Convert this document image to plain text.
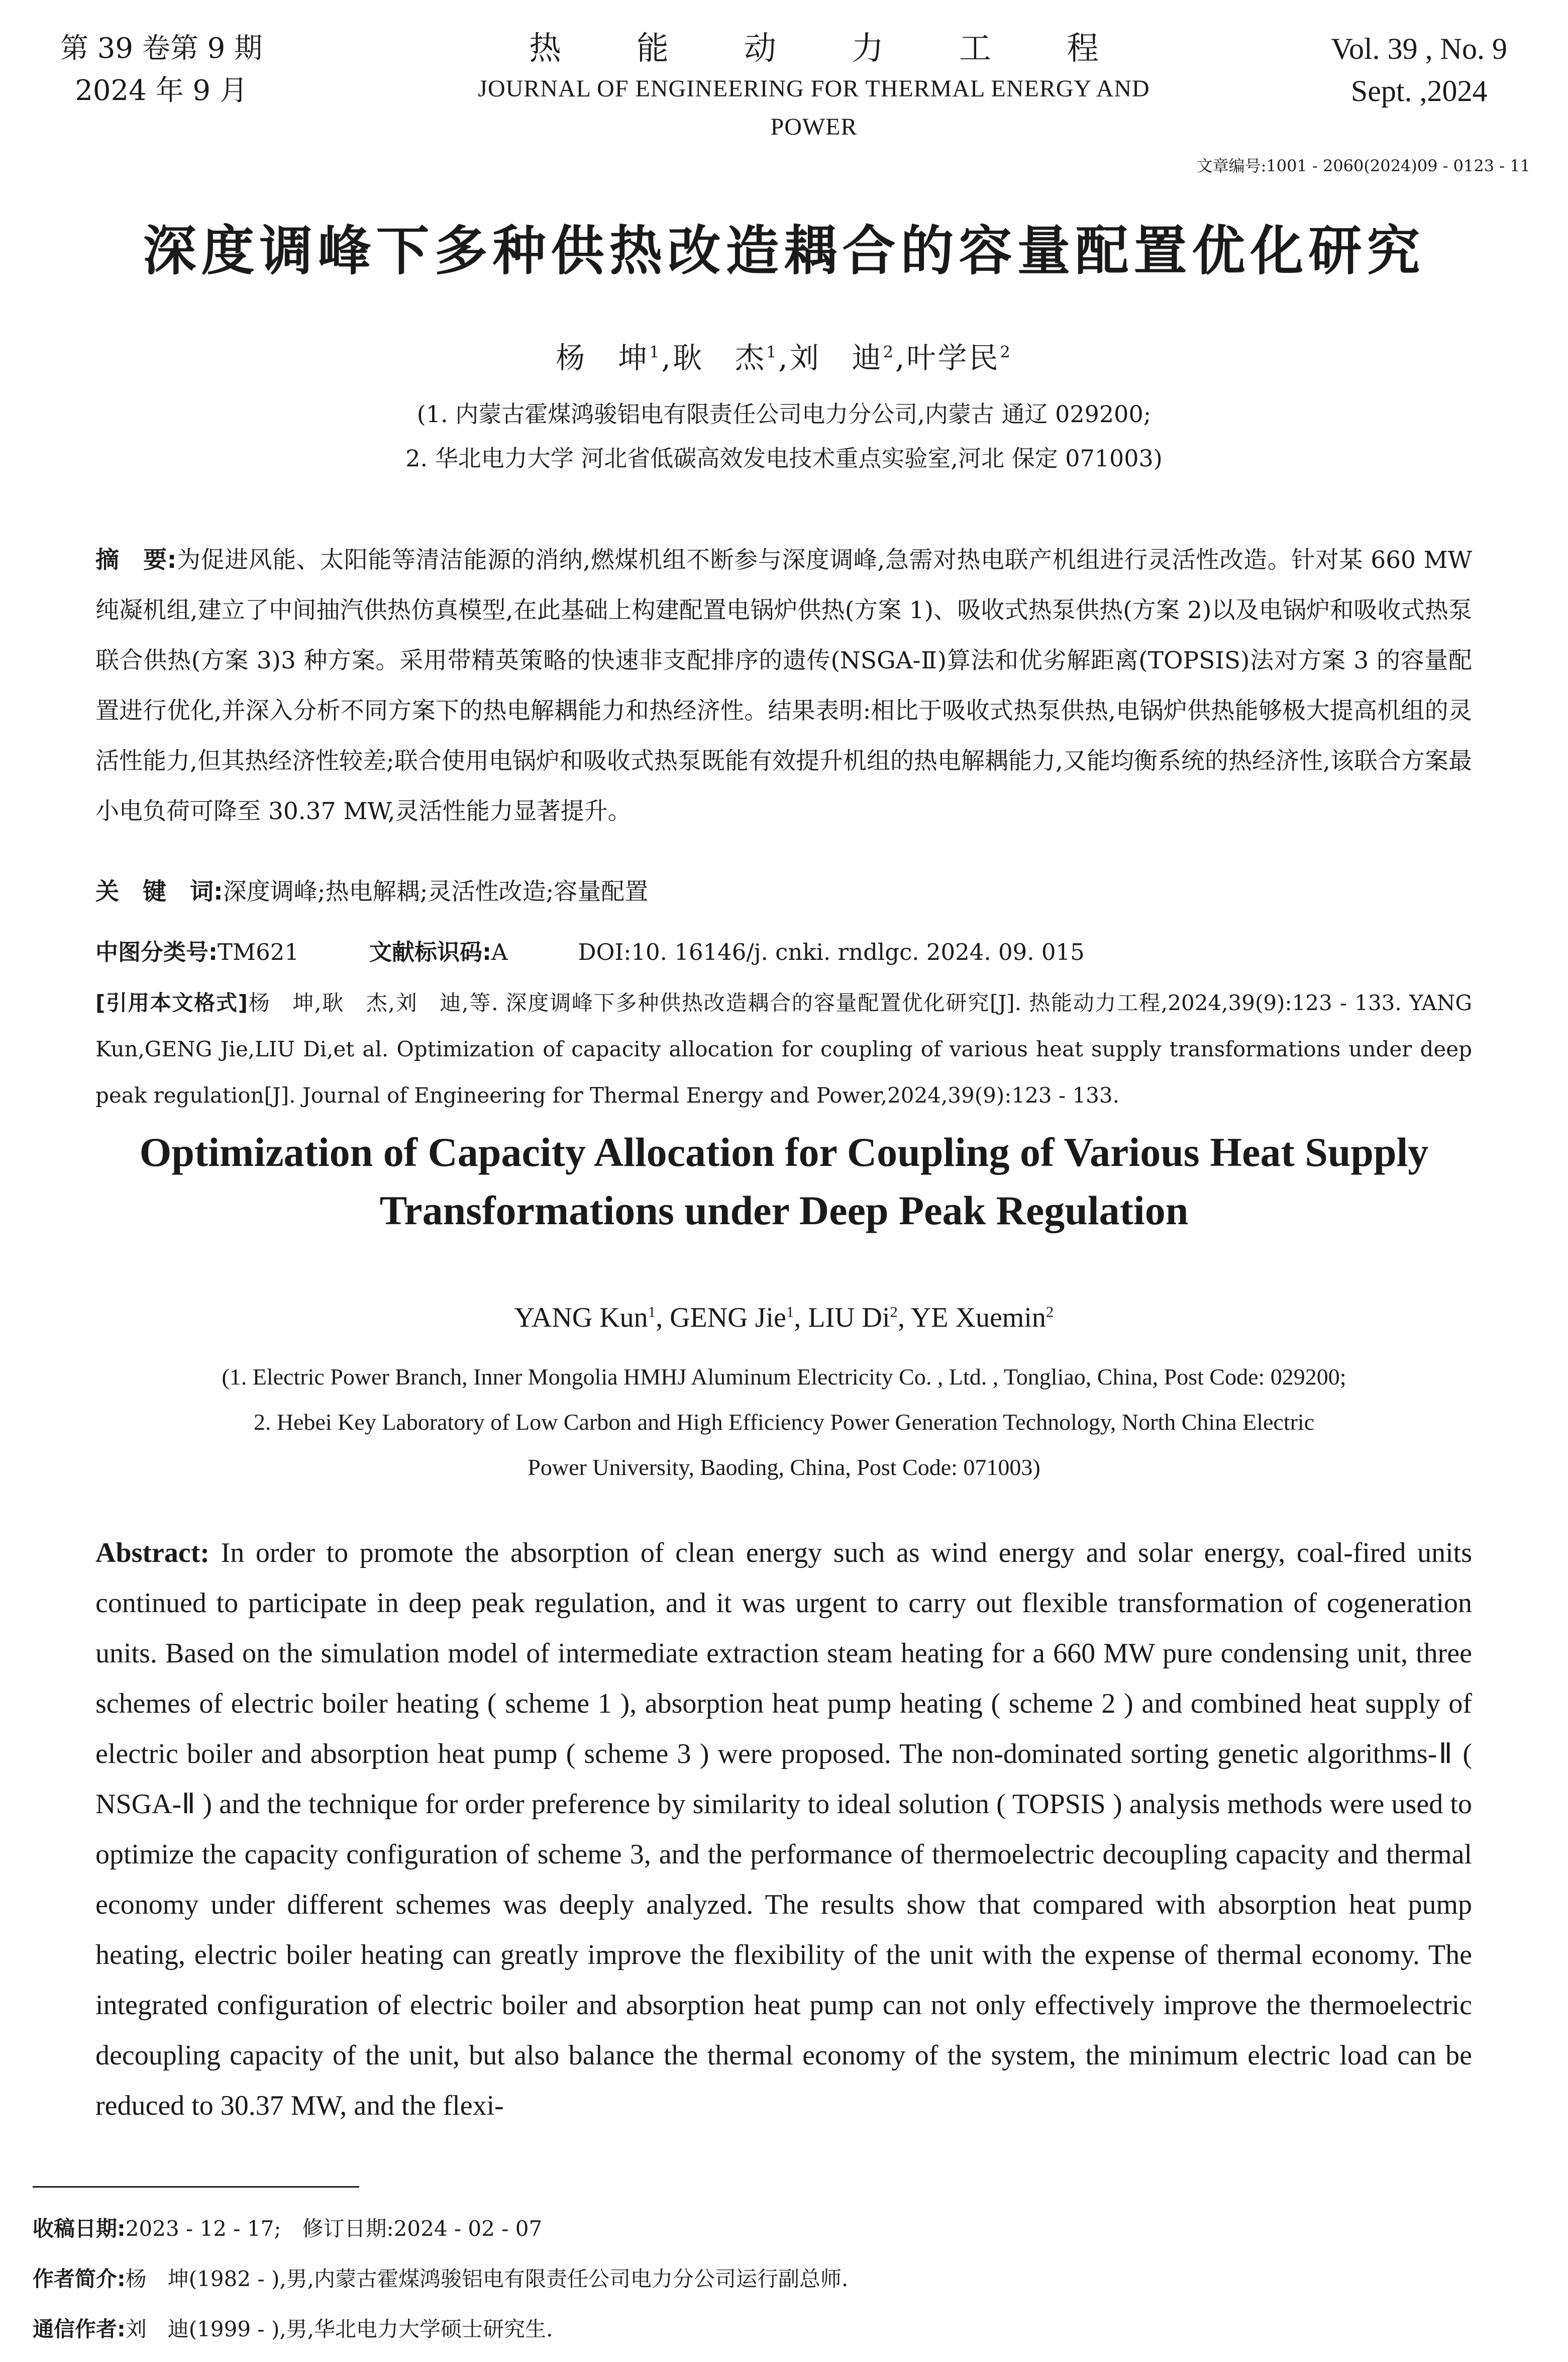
第 39 卷第 9 期
2024 年 9 月
热能动力工程
JOURNAL OF ENGINEERING FOR THERMAL ENERGY AND POWER
Vol. 39 , No. 9
Sept. ,2024
文章编号:1001 - 2060(2024)09 - 0123 - 11
深度调峰下多种供热改造耦合的容量配置优化研究
杨　坤$^1$,耿　杰$^1$,刘　迪$^2$,叶学民$^2$
(1. 内蒙古霍煤鸿骏铝电有限责任公司电力分公司,内蒙古 通辽 029200;
2. 华北电力大学 河北省低碳高效发电技术重点实验室,河北 保定 071003)
摘　要:为促进风能、太阳能等清洁能源的消纳,燃煤机组不断参与深度调峰,急需对热电联产机组进行灵活性改造。针对某 660 MW 纯凝机组,建立了中间抽汽供热仿真模型,在此基础上构建配置电锅炉供热(方案 1)、吸收式热泵供热(方案 2)以及电锅炉和吸收式热泵联合供热(方案 3)3 种方案。采用带精英策略的快速非支配排序的遗传(NSGA-Ⅱ)算法和优劣解距离(TOPSIS)法对方案 3 的容量配置进行优化,并深入分析不同方案下的热电解耦能力和热经济性。结果表明:相比于吸收式热泵供热,电锅炉供热能够极大提高机组的灵活性能力,但其热经济性较差;联合使用电锅炉和吸收式热泵既能有效提升机组的热电解耦能力,又能均衡系统的热经济性,该联合方案最小电负荷可降至 30.37 MW,灵活性能力显著提升。
关　键　词:深度调峰;热电解耦;灵活性改造;容量配置
中图分类号:TM621	文献标识码:A	DOI:10. 16146/j. cnki. rndlgc. 2024. 09. 015
[引用本文格式]杨　坤,耿　杰,刘　迪,等. 深度调峰下多种供热改造耦合的容量配置优化研究[J]. 热能动力工程,2024,39(9):123 - 133. YANG Kun,GENG Jie,LIU Di,et al. Optimization of capacity allocation for coupling of various heat supply transformations under deep peak regulation[J]. Journal of Engineering for Thermal Energy and Power,2024,39(9):123 - 133.
Optimization of Capacity Allocation for Coupling of Various Heat Supply
Transformations under Deep Peak Regulation
YANG Kun$^1$, GENG Jie$^1$, LIU Di$^2$, YE Xuemin$^2$
(1. Electric Power Branch, Inner Mongolia HMHJ Aluminum Electricity Co. , Ltd. , Tongliao, China, Post Code: 029200;
2. Hebei Key Laboratory of Low Carbon and High Efficiency Power Generation Technology, North China Electric
Power University, Baoding, China, Post Code: 071003)
Abstract: In order to promote the absorption of clean energy such as wind energy and solar energy, coal-fired units continued to participate in deep peak regulation, and it was urgent to carry out flexible transformation of cogeneration units. Based on the simulation model of intermediate extraction steam heating for a 660 MW pure condensing unit, three schemes of electric boiler heating ( scheme 1 ), absorption heat pump heating ( scheme 2 ) and combined heat supply of electric boiler and absorption heat pump ( scheme 3 ) were proposed. The non-dominated sorting genetic algorithms-Ⅱ ( NSGA-Ⅱ ) and the technique for order preference by similarity to ideal solution ( TOPSIS ) analysis methods were used to optimize the capacity configuration of scheme 3, and the performance of thermoelectric decoupling capacity and thermal economy under different schemes was deeply analyzed. The results show that compared with absorption heat pump heating, electric boiler heating can greatly improve the flexibility of the unit with the expense of thermal economy. The integrated configuration of electric boiler and absorption heat pump can not only effectively improve the thermoelectric decoupling capacity of the unit, but also balance the thermal economy of the system, the minimum electric load can be reduced to 30.37 MW, and the flexi-
收稿日期:2023 - 12 - 17;　修订日期:2024 - 02 - 07
作者简介:杨　坤(1982 - ),男,内蒙古霍煤鸿骏铝电有限责任公司电力分公司运行副总师.
通信作者:刘　迪(1999 - ),男,华北电力大学硕士研究生.
